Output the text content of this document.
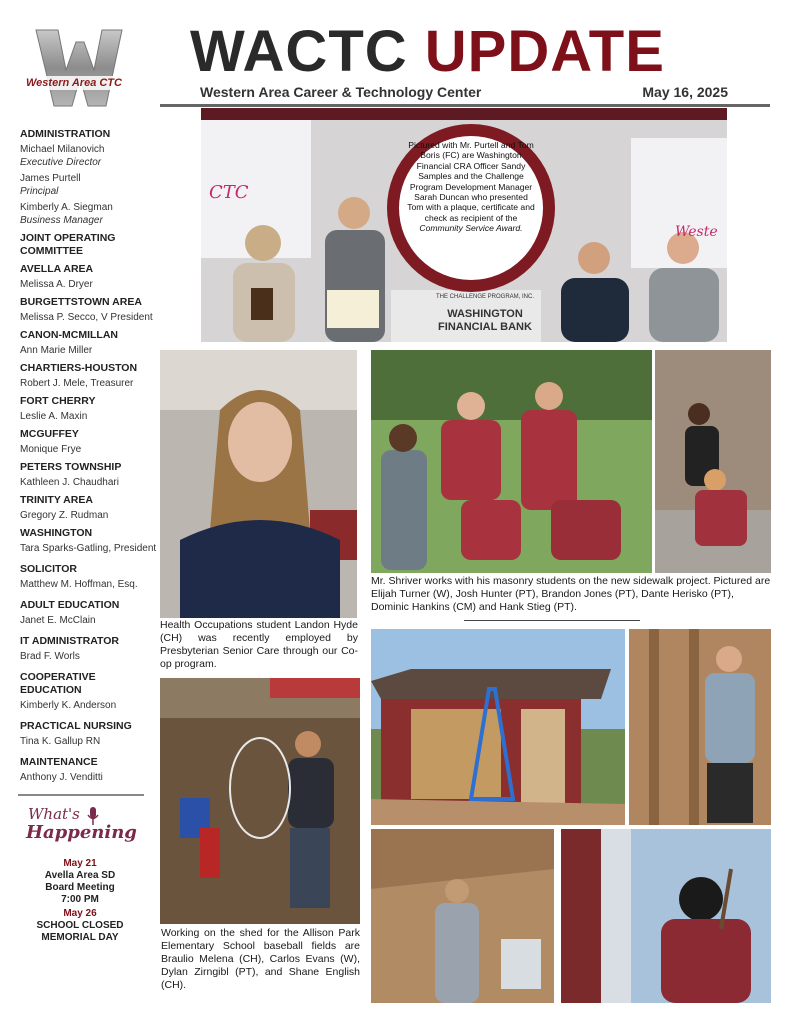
Western Area CTC WACTC UPDATE
Western Area Career & Technology Center	May 16, 2025
ADMINISTRATION
Michael Milanovich
Executive Director
James Purtell
Principal
Kimberly A. Siegman
Business Manager
JOINT OPERATING COMMITTEE
AVELLA AREA
Melissa A. Dryer
BURGETTSTOWN AREA
Melissa P. Secco, V President
CANON-MCMILLAN
Ann Marie Miller
CHARTIERS-HOUSTON
Robert J. Mele, Treasurer
FORT CHERRY
Leslie A. Maxin
MCGUFFEY
Monique Frye
PETERS TOWNSHIP
Kathleen J. Chaudhari
TRINITY AREA
Gregory Z. Rudman
WASHINGTON
Tara Sparks-Gatling, President
SOLICITOR
Matthew M. Hoffman, Esq.
ADULT EDUCATION
Janet E. McClain
IT ADMINISTRATOR
Brad F. Worls
COOPERATIVE EDUCATION
Kimberly K. Anderson
PRACTICAL NURSING
Tina K. Gallup RN
MAINTENANCE
Anthony J. Venditti
What's
Happening
May 21
Avella Area SD
Board Meeting
7:00 PM
May 26
SCHOOL CLOSED
MEMORIAL DAY
CTC
Weste
THE CHALLENGE PROGRAM, INC.
WASHINGTON
FINANCIAL BANK
Pictured with Mr. Purtell and Tom Boris (FC) are Washington Financial CRA Officer Sandy Samples and the Challenge Program Development Manager Sarah Duncan who presented Tom with a plaque, certificate and check as recipient of the Community Service Award.
Health Occupations student Landon Hyde (CH) was recently employed by Presbyterian Senior Care through our Co-op program.
Mr. Shriver works with his masonry students on the new sidewalk project. Pictured are Elijah Turner (W), Josh Hunter (PT), Brandon Jones (PT), Dante Herisko (PT), Dominic Hankins (CM) and Hank Stieg (PT).
Working on the shed for the Allison Park Elementary School baseball fields are Braulio Melena (CH), Carlos Evans (W), Dylan Zirngibl (PT), and Shane English (CH).
